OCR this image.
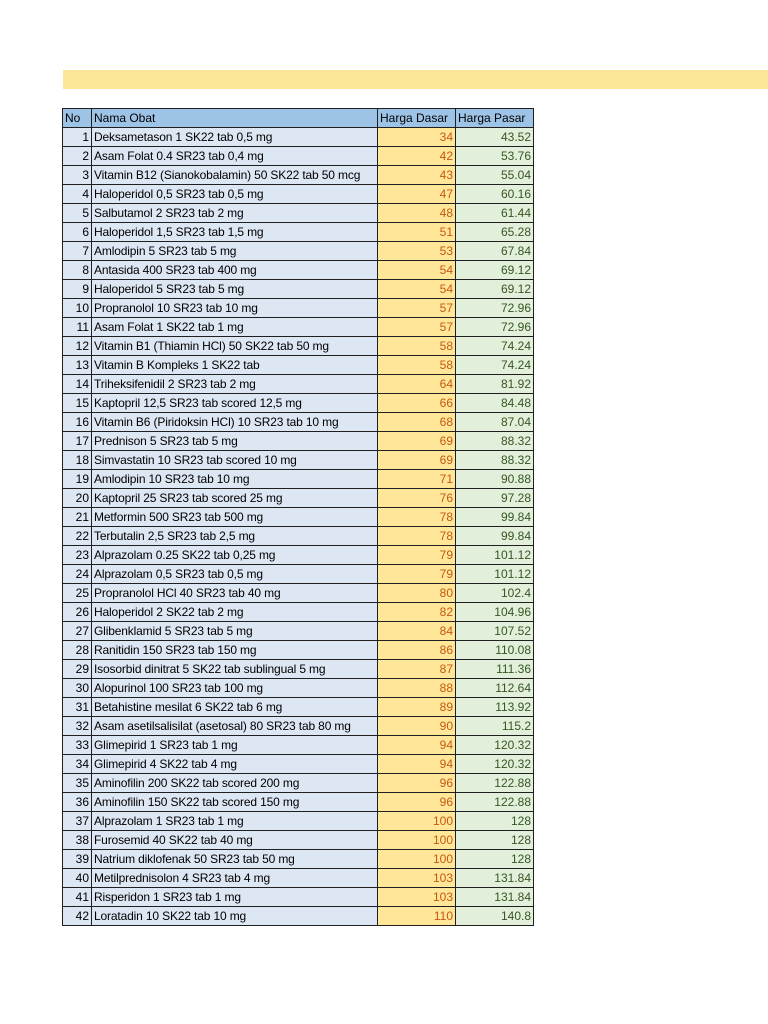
No	Nama Obat	Harga Dasar	Harga Pasar
1	Deksametason 1 SK22 tab 0,5 mg	34	43.52
2	Asam Folat 0.4 SR23 tab 0,4 mg	42	53.76
3	Vitamin B12 (Sianokobalamin) 50 SK22 tab 50 mcg	43	55.04
4	Haloperidol 0,5 SR23 tab 0,5 mg	47	60.16
5	Salbutamol 2 SR23 tab 2 mg	48	61.44
6	Haloperidol 1,5 SR23 tab 1,5 mg	51	65.28
7	Amlodipin 5 SR23 tab 5 mg	53	67.84
8	Antasida 400 SR23 tab 400 mg	54	69.12
9	Haloperidol 5 SR23 tab 5 mg	54	69.12
10	Propranolol 10 SR23 tab 10 mg	57	72.96
11	Asam Folat 1 SK22 tab 1 mg	57	72.96
12	Vitamin B1 (Thiamin HCl) 50 SK22 tab 50 mg	58	74.24
13	Vitamin B Kompleks 1 SK22 tab	58	74.24
14	Triheksifenidil 2 SR23 tab 2 mg	64	81.92
15	Kaptopril 12,5 SR23 tab scored 12,5 mg	66	84.48
16	Vitamin B6 (Piridoksin HCl) 10 SR23 tab 10 mg	68	87.04
17	Prednison 5 SR23 tab 5 mg	69	88.32
18	Simvastatin 10 SR23 tab scored 10 mg	69	88.32
19	Amlodipin 10 SR23 tab 10 mg	71	90.88
20	Kaptopril 25 SR23 tab scored 25 mg	76	97.28
21	Metformin 500 SR23 tab 500 mg	78	99.84
22	Terbutalin 2,5 SR23 tab 2,5 mg	78	99.84
23	Alprazolam 0.25 SK22 tab 0,25 mg	79	101.12
24	Alprazolam 0,5 SR23 tab 0,5 mg	79	101.12
25	Propranolol HCl 40 SR23 tab 40 mg	80	102.4
26	Haloperidol 2 SK22 tab 2 mg	82	104.96
27	Glibenklamid 5 SR23 tab 5 mg	84	107.52
28	Ranitidin 150 SR23 tab 150 mg	86	110.08
29	Isosorbid dinitrat 5 SK22 tab sublingual 5 mg	87	111.36
30	Alopurinol 100 SR23 tab 100 mg	88	112.64
31	Betahistine mesilat 6 SK22 tab 6 mg	89	113.92
32	Asam asetilsalisilat (asetosal) 80 SR23 tab 80 mg	90	115.2
33	Glimepirid 1 SR23 tab 1 mg	94	120.32
34	Glimepirid 4 SK22 tab 4 mg	94	120.32
35	Aminofilin 200 SK22 tab scored 200 mg	96	122.88
36	Aminofilin 150 SK22 tab scored 150 mg	96	122.88
37	Alprazolam 1 SR23 tab 1 mg	100	128
38	Furosemid 40 SK22 tab 40 mg	100	128
39	Natrium diklofenak 50 SR23 tab 50 mg	100	128
40	Metilprednisolon 4 SR23 tab 4 mg	103	131.84
41	Risperidon 1 SR23 tab 1 mg	103	131.84
42	Loratadin 10 SK22 tab 10 mg	110	140.8
